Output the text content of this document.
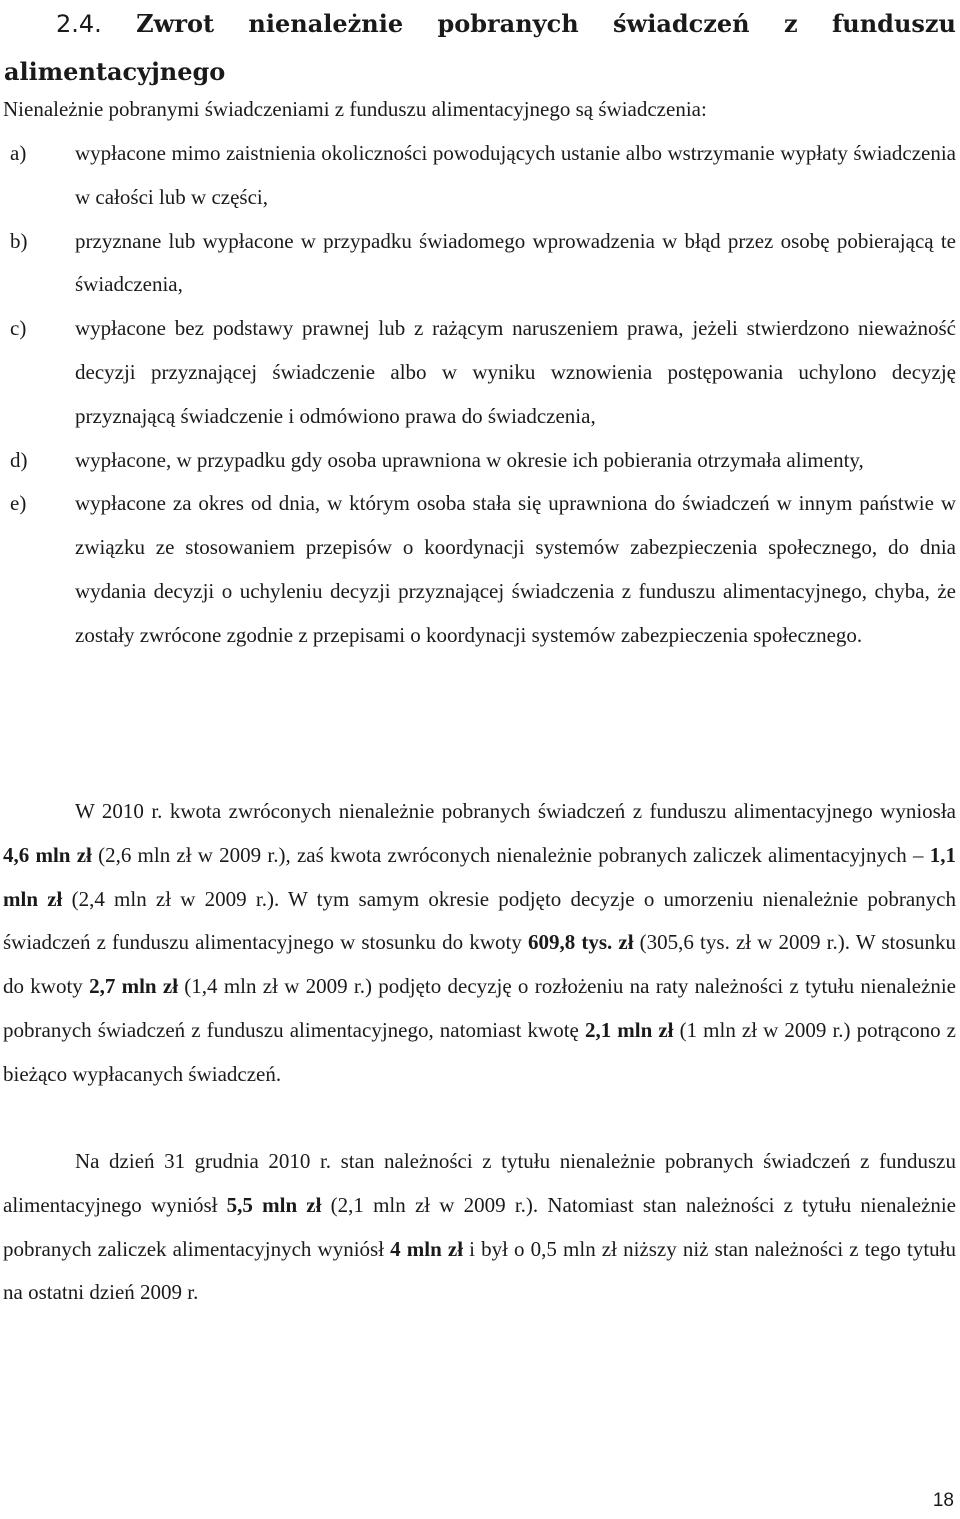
2.4. Zwrot nienależnie pobranych świadczeń z funduszu alimentacyjnego

Nienależnie pobranymi świadczeniami z funduszu alimentacyjnego są świadczenia:

a) wypłacone mimo zaistnienia okoliczności powodujących ustanie albo wstrzymanie wypłaty świadczenia w całości lub w części,
b) przyznane lub wypłacone w przypadku świadomego wprowadzenia w błąd przez osobę pobierającą te świadczenia,
c) wypłacone bez podstawy prawnej lub z rażącym naruszeniem prawa, jeżeli stwierdzono nieważność decyzji przyznającej świadczenie albo w wyniku wznowienia postępowania uchylono decyzję przyznającą świadczenie i odmówiono prawa do świadczenia,
d) wypłacone, w przypadku gdy osoba uprawniona w okresie ich pobierania otrzymała alimenty,
e) wypłacone za okres od dnia, w którym osoba stała się uprawniona do świadczeń w innym państwie w związku ze stosowaniem przepisów o koordynacji systemów zabezpieczenia społecznego, do dnia wydania decyzji o uchyleniu decyzji przyznającej świadczenia z funduszu alimentacyjnego, chyba, że zostały zwrócone zgodnie z przepisami o koordynacji systemów zabezpieczenia społecznego.

W 2010 r. kwota zwróconych nienależnie pobranych świadczeń z funduszu alimentacyjnego wyniosła 4,6 mln zł (2,6 mln zł w 2009 r.), zaś kwota zwróconych nienależnie pobranych zaliczek alimentacyjnych – 1,1 mln zł (2,4 mln zł w 2009 r.). W tym samym okresie podjęto decyzje o umorzeniu nienależnie pobranych świadczeń z funduszu alimentacyjnego w stosunku do kwoty 609,8 tys. zł (305,6 tys. zł w 2009 r.). W stosunku do kwoty 2,7 mln zł (1,4 mln zł w 2009 r.) podjęto decyzję o rozłożeniu na raty należności z tytułu nienależnie pobranych świadczeń z funduszu alimentacyjnego, natomiast kwotę 2,1 mln zł (1 mln zł w 2009 r.) potrącono z bieżąco wypłacanych świadczeń.

Na dzień 31 grudnia 2010 r. stan należności z tytułu nienależnie pobranych świadczeń z funduszu alimentacyjnego wyniósł 5,5 mln zł (2,1 mln zł w 2009 r.). Natomiast stan należności z tytułu nienależnie pobranych zaliczek alimentacyjnych wyniósł 4 mln zł i był o 0,5 mln zł niższy niż stan należności z tego tytułu na ostatni dzień 2009 r.

18
